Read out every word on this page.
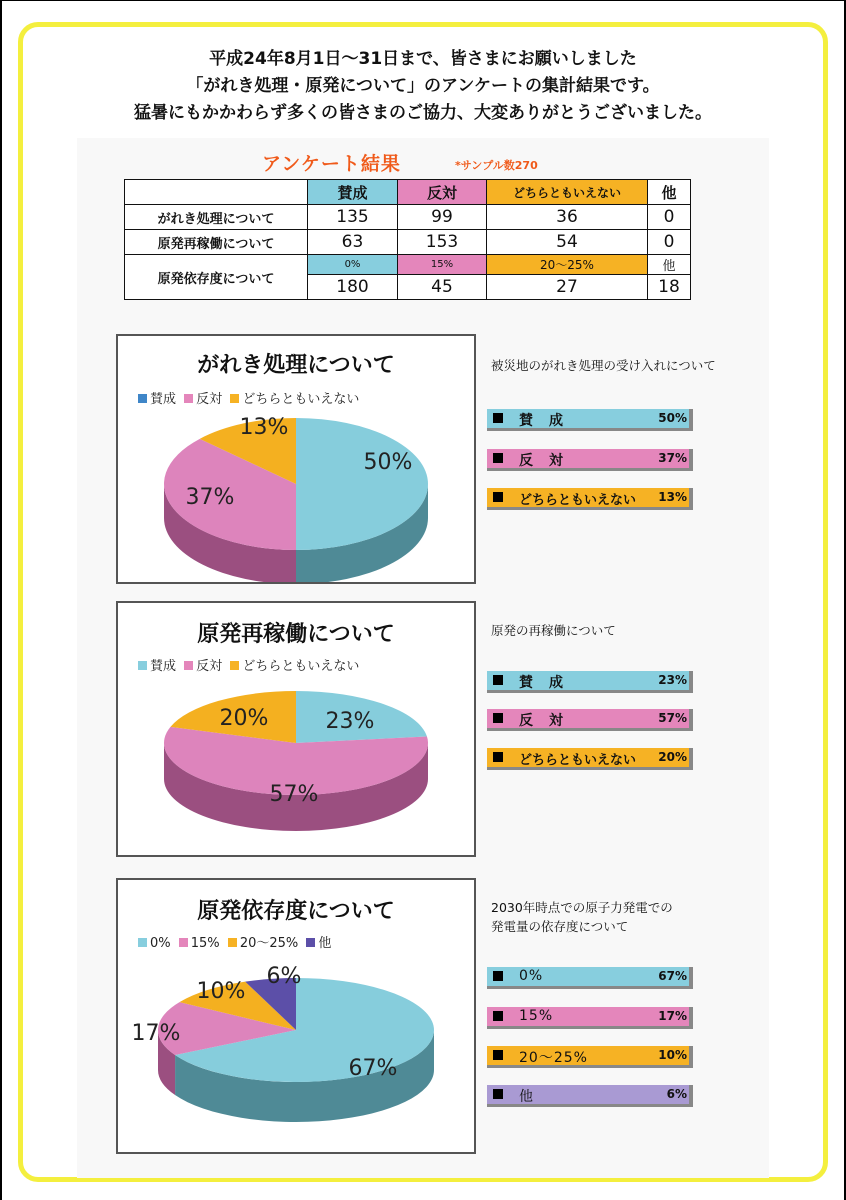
平成24年8月1日～31日まで、皆さまにお願いしました
「がれき処理・原発について」のアンケートの集計結果です。
猛暑にもかかわらず多くの皆さまのご協力、大変ありがとうございました。
アンケート結果	*サンプル数270
	賛成	反対	どちらともいえない	他
がれき処理について	135	99	36	0
原発再稼働について	63	153	54	0
原発依存度について	0%	15%	20〜25%	他
	180	45	27	18
がれき処理について
賛成 反対 どちらともいえない
50%
37%
13%
被災地のがれき処理の受け入れについて
賛　成	50%
反　対	37%
どちらともいえない 13%
原発再稼働について
賛成 反対 どちらともいえない
23%
57%
20%
原発の再稼働について
賛　成	23%
反　対	57%
どちらともいえない 20%
原発依存度について
0% 15% 20〜25% 他
67%
17%
10%
6%
2030年時点での原子力発電での
発電量の依存度について
0%	67%
15%	17%
20〜25%	10%
他	6%
